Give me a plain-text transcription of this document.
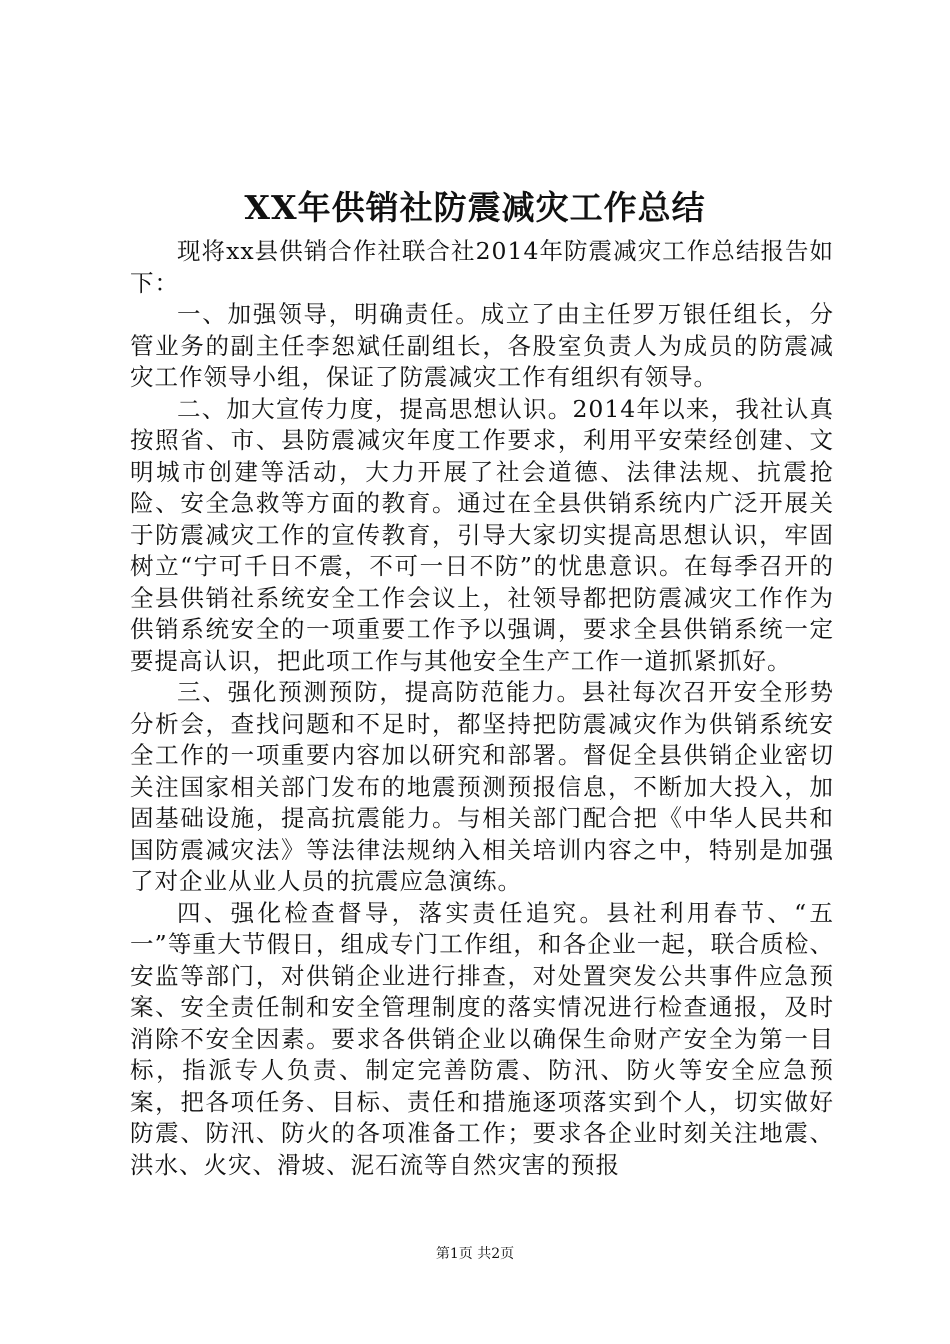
XX年供销社防震减灾工作总结

现将xx县供销合作社联合社2014年防震减灾工作总结报告如下：

一、加强领导，明确责任。成立了由主任罗万银任组长，分管业务的副主任李恕斌任副组长，各股室负责人为成员的防震减灾工作领导小组，保证了防震减灾工作有组织有领导。

二、加大宣传力度，提高思想认识。2014年以来，我社认真按照省、市、县防震减灾年度工作要求，利用平安荣经创建、文明城市创建等活动，大力开展了社会道德、法律法规、抗震抢险、安全急救等方面的教育。通过在全县供销系统内广泛开展关于防震减灾工作的宣传教育，引导大家切实提高思想认识，牢固树立“宁可千日不震，不可一日不防”的忧患意识。在每季召开的全县供销社系统安全工作会议上，社领导都把防震减灾工作作为供销系统安全的一项重要工作予以强调，要求全县供销系统一定要提高认识，把此项工作与其他安全生产工作一道抓紧抓好。

三、强化预测预防，提高防范能力。县社每次召开安全形势分析会，查找问题和不足时，都坚持把防震减灾作为供销系统安全工作的一项重要内容加以研究和部署。督促全县供销企业密切关注国家相关部门发布的地震预测预报信息，不断加大投入，加固基础设施，提高抗震能力。与相关部门配合把《中华人民共和国防震减灾法》等法律法规纳入相关培训内容之中，特别是加强了对企业从业人员的抗震应急演练。

四、强化检查督导，落实责任追究。县社利用春节、“五一”等重大节假日，组成专门工作组，和各企业一起，联合质检、安监等部门，对供销企业进行排查，对处置突发公共事件应急预案、安全责任制和安全管理制度的落实情况进行检查通报，及时消除不安全因素。要求各供销企业以确保生命财产安全为第一目标，指派专人负责、制定完善防震、防汛、防火等安全应急预案，把各项任务、目标、责任和措施逐项落实到个人，切实做好防震、防汛、防火的各项准备工作；要求各企业时刻关注地震、洪水、火灾、滑坡、泥石流等自然灾害的预报

第1页 共2页
